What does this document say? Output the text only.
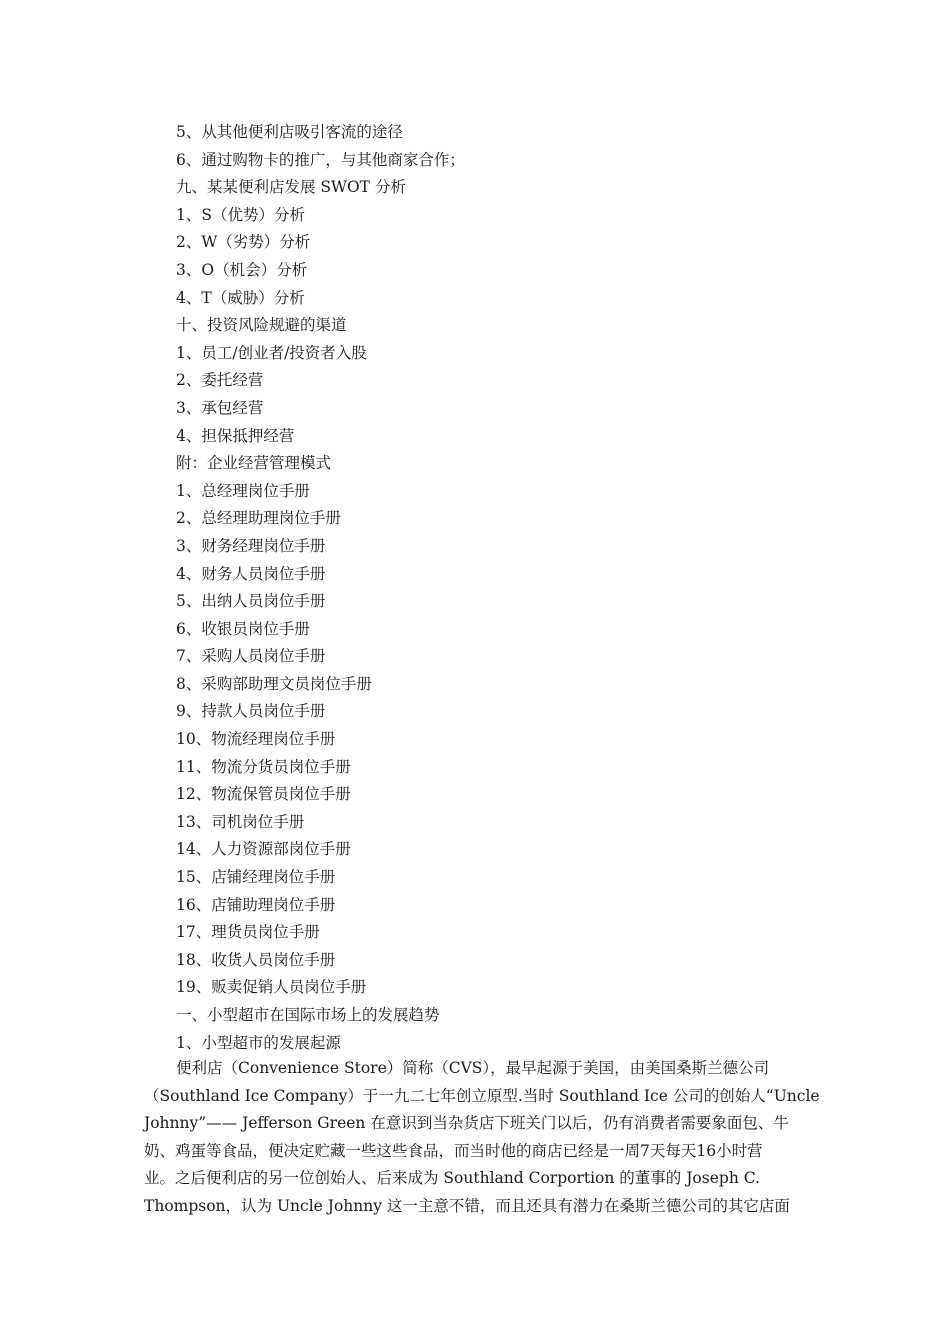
5、从其他便利店吸引客流的途径

6、通过购物卡的推广，与其他商家合作；

九、某某便利店发展 SWOT 分析

1、S（优势）分析

2、W（劣势）分析

3、O（机会）分析

4、T（威胁）分析

十、投资风险规避的渠道

1、员工/创业者/投资者入股

2、委托经营

3、承包经营

4、担保抵押经营

附：企业经营管理模式

1、总经理岗位手册

2、总经理助理岗位手册

3、财务经理岗位手册

4、财务人员岗位手册

5、出纳人员岗位手册

6、收银员岗位手册

7、采购人员岗位手册

8、采购部助理文员岗位手册

9、持款人员岗位手册

10、物流经理岗位手册

11、物流分货员岗位手册

12、物流保管员岗位手册

13、司机岗位手册

14、人力资源部岗位手册

15、店铺经理岗位手册

16、店铺助理岗位手册

17、理货员岗位手册

18、收货人员岗位手册

19、贩卖促销人员岗位手册

一、小型超市在国际市场上的发展趋势

1、小型超市的发展起源

便利店（Convenience Store）简称（CVS），最早起源于美国，由美国桑斯兰德公司
（Southland Ice Company）于一九二七年创立原型.当时 Southland Ice 公司的创始人“Uncle
Johnny”—— Jefferson Green 在意识到当杂货店下班关门以后，仍有消费者需要象面包、牛
奶、鸡蛋等食品，便决定贮藏一些这些食品，而当时他的商店已经是一周7天每天16小时营
业。之后便利店的另一位创始人、后来成为 Southland Corportion 的董事的 Joseph C.
Thompson，认为 Uncle Johnny 这一主意不错，而且还具有潜力在桑斯兰德公司的其它店面
